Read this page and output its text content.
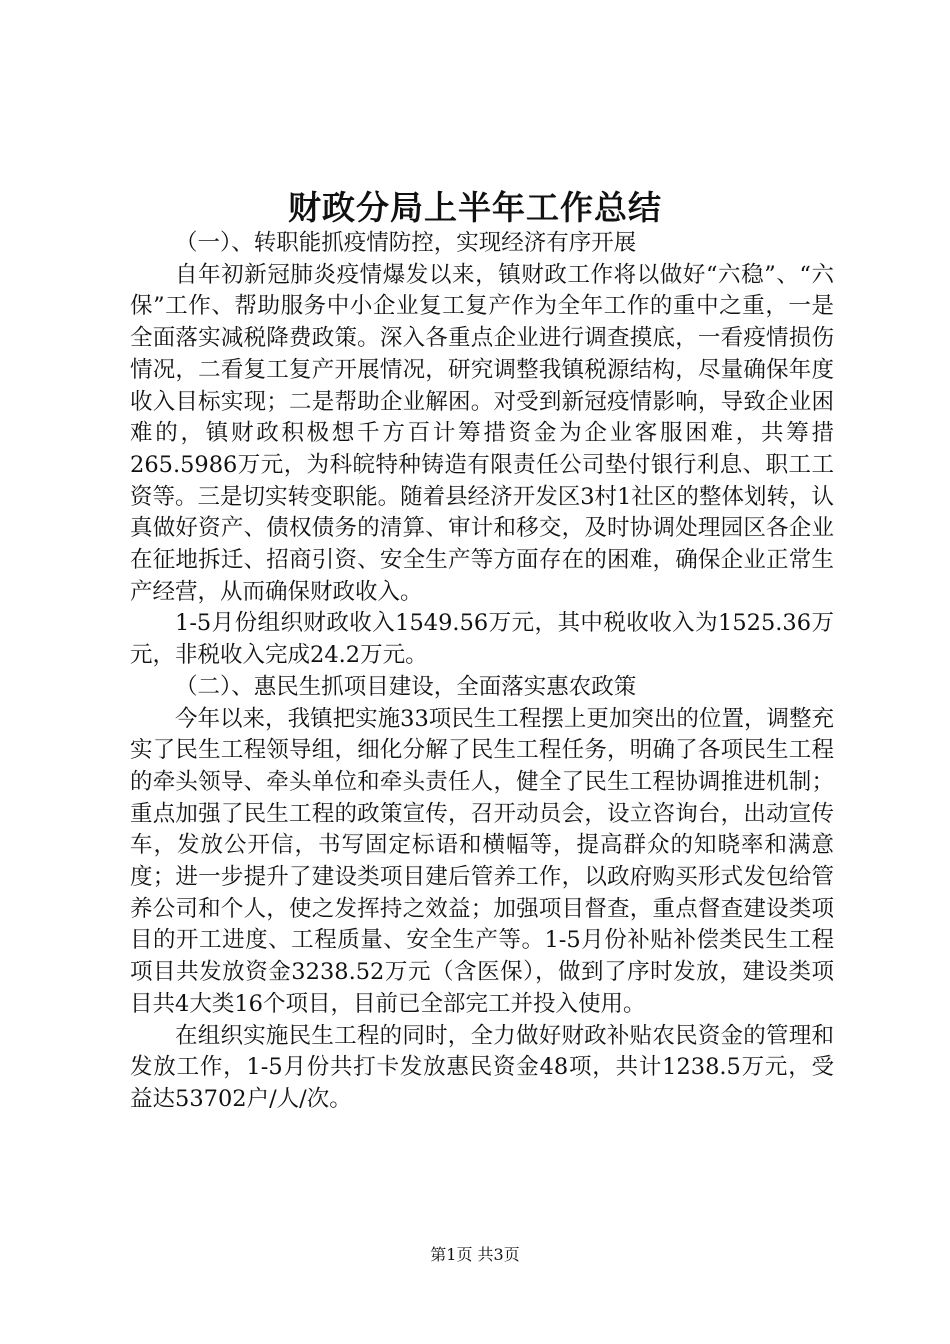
财政分局上半年工作总结

（一）、转职能抓疫情防控，实现经济有序开展

自年初新冠肺炎疫情爆发以来，镇财政工作将以做好“六稳”、“六保”工作、帮助服务中小企业复工复产作为全年工作的重中之重，一是全面落实减税降费政策。深入各重点企业进行调查摸底，一看疫情损伤情况，二看复工复产开展情况，研究调整我镇税源结构，尽量确保年度收入目标实现；二是帮助企业解困。对受到新冠疫情影响，导致企业困难的，镇财政积极想千方百计筹措资金为企业客服困难，共筹措265.5986万元，为科皖特种铸造有限责任公司垫付银行利息、职工工资等。三是切实转变职能。随着县经济开发区3村1社区的整体划转，认真做好资产、债权债务的清算、审计和移交，及时协调处理园区各企业在征地拆迁、招商引资、安全生产等方面存在的困难，确保企业正常生产经营，从而确保财政收入。

1-5月份组织财政收入1549.56万元，其中税收收入为1525.36万元，非税收入完成24.2万元。

（二）、惠民生抓项目建设，全面落实惠农政策

今年以来，我镇把实施33项民生工程摆上更加突出的位置，调整充实了民生工程领导组，细化分解了民生工程任务，明确了各项民生工程的牵头领导、牵头单位和牵头责任人，健全了民生工程协调推进机制；重点加强了民生工程的政策宣传，召开动员会，设立咨询台，出动宣传车，发放公开信，书写固定标语和横幅等，提高群众的知晓率和满意度；进一步提升了建设类项目建后管养工作，以政府购买形式发包给管养公司和个人，使之发挥持之效益；加强项目督查，重点督查建设类项目的开工进度、工程质量、安全生产等。1-5月份补贴补偿类民生工程项目共发放资金3238.52万元（含医保），做到了序时发放，建设类项目共4大类16个项目，目前已全部完工并投入使用。

在组织实施民生工程的同时，全力做好财政补贴农民资金的管理和发放工作，1-5月份共打卡发放惠民资金48项，共计1238.5万元，受益达53702户/人/次。

第1页 共3页
